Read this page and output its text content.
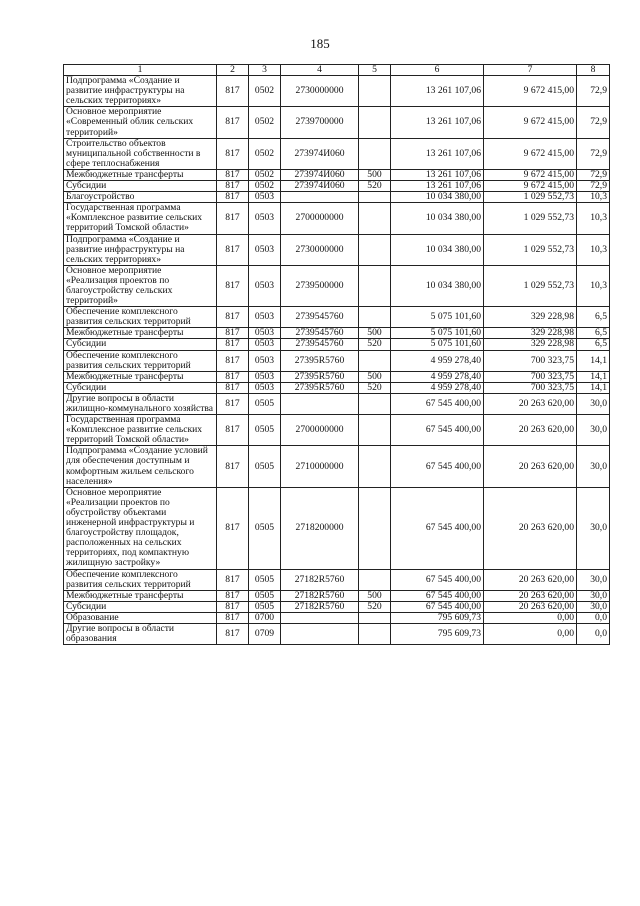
185
1	2	3	4	5	6	7	8
Подпрограмма «Создание и развитие инфраструктуры на сельских территориях»	817	0502	2730000000		13 261 107,06	9 672 415,00	72,9
Основное мероприятие «Современный облик сельских территорий»	817	0502	2739700000		13 261 107,06	9 672 415,00	72,9
Строительство объектов муниципальной собственности в сфере теплоснабжения	817	0502	273974И060		13 261 107,06	9 672 415,00	72,9
Межбюджетные трансферты	817	0502	273974И060	500	13 261 107,06	9 672 415,00	72,9
Субсидии	817	0502	273974И060	520	13 261 107,06	9 672 415,00	72,9
Благоустройство	817	0503			10 034 380,00	1 029 552,73	10,3
Государственная программа «Комплексное развитие сельских территорий Томской области»	817	0503	2700000000		10 034 380,00	1 029 552,73	10,3
Подпрограмма «Создание и развитие инфраструктуры на сельских территориях»	817	0503	2730000000		10 034 380,00	1 029 552,73	10,3
Основное мероприятие «Реализация проектов по благоустройству сельских территорий»	817	0503	2739500000		10 034 380,00	1 029 552,73	10,3
Обеспечение комплексного развития сельских территорий	817	0503	2739545760		5 075 101,60	329 228,98	6,5
Межбюджетные трансферты	817	0503	2739545760	500	5 075 101,60	329 228,98	6,5
Субсидии	817	0503	2739545760	520	5 075 101,60	329 228,98	6,5
Обеспечение комплексного развития сельских территорий	817	0503	27395R5760		4 959 278,40	700 323,75	14,1
Межбюджетные трансферты	817	0503	27395R5760	500	4 959 278,40	700 323,75	14,1
Субсидии	817	0503	27395R5760	520	4 959 278,40	700 323,75	14,1
Другие вопросы в области жилищно-коммунального хозяйства	817	0505			67 545 400,00	20 263 620,00	30,0
Государственная программа «Комплексное развитие сельских территорий Томской области»	817	0505	2700000000		67 545 400,00	20 263 620,00	30,0
Подпрограмма «Создание условий для обеспечения доступным и комфортным жильем сельского населения»	817	0505	2710000000		67 545 400,00	20 263 620,00	30,0
Основное мероприятие «Реализации проектов по обустройству объектами инженерной инфраструктуры и благоустройству площадок, расположенных на сельских территориях, под компактную жилищную застройку»	817	0505	2718200000		67 545 400,00	20 263 620,00	30,0
Обеспечение комплексного развития сельских территорий	817	0505	27182R5760		67 545 400,00	20 263 620,00	30,0
Межбюджетные трансферты	817	0505	27182R5760	500	67 545 400,00	20 263 620,00	30,0
Субсидии	817	0505	27182R5760	520	67 545 400,00	20 263 620,00	30,0
Образование	817	0700			795 609,73	0,00	0,0
Другие вопросы в области образования	817	0709			795 609,73	0,00	0,0
